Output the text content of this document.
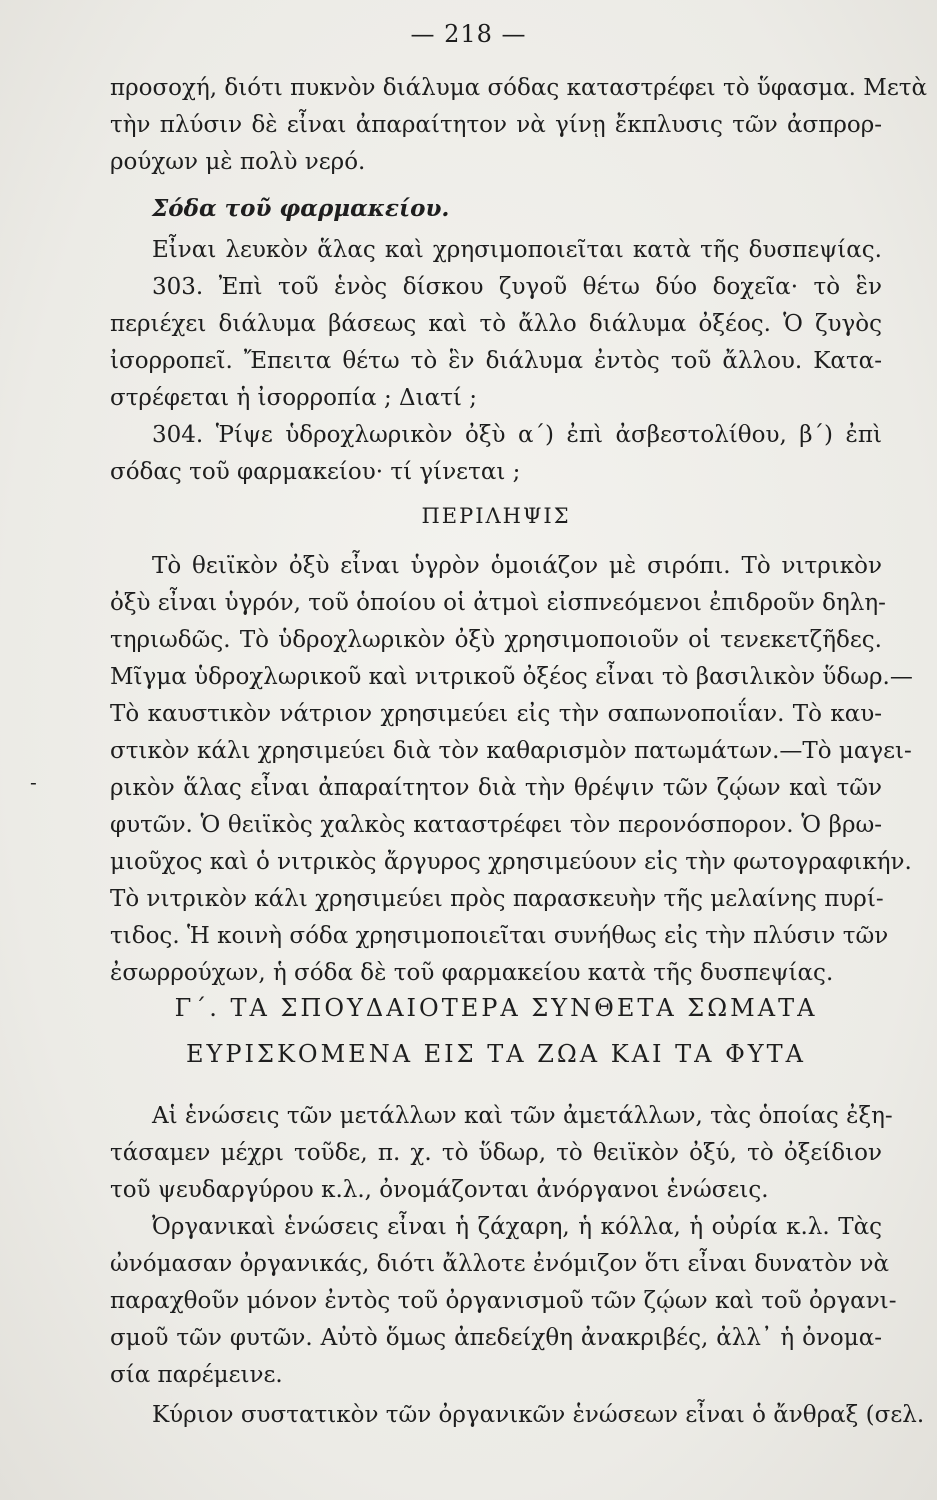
— 218 —
-
προσοχή, διότι πυκνὸν διάλυμα σόδας καταστρέφει τὸ ὕφασμα. Μετὰ
τὴν πλύσιν δὲ εἶναι ἀπαραίτητον νὰ γίνῃ ἔκπλυσις τῶν ἀσπρορ-
ρούχων μὲ πολὺ νερό.
Σόδα τοῦ φαρμακείου.
Εἶναι λευκὸν ἅλας καὶ χρησιμοποιεῖται κατὰ τῆς δυσπεψίας.
303. Ἐπὶ τοῦ ἑνὸς δίσκου ζυγοῦ θέτω δύο δοχεῖα· τὸ ἓν
περιέχει διάλυμα βάσεως καὶ τὸ ἄλλο διάλυμα ὀξέος. Ὁ ζυγὸς
ἰσορροπεῖ. Ἔπειτα θέτω τὸ ἓν διάλυμα ἐντὸς τοῦ ἄλλου. Κατα-
στρέφεται ἡ ἰσορροπία ; Διατί ;
304. Ῥίψε ὑδροχλωρικὸν ὀξὺ α΄) ἐπὶ ἀσβεστολίθου, β΄) ἐπὶ
σόδας τοῦ φαρμακείου· τί γίνεται ;
ΠΕΡΙΛΗΨΙΣ
Τὸ θειϊκὸν ὀξὺ εἶναι ὑγρὸν ὁμοιάζον μὲ σιρόπι. Τὸ νιτρικὸν
ὀξὺ εἶναι ὑγρόν, τοῦ ὁποίου οἱ ἀτμοὶ εἰσπνεόμενοι ἐπιδροῦν δηλη-
τηριωδῶς. Τὸ ὑδροχλωρικὸν ὀξὺ χρησιμοποιοῦν οἱ τενεκετζῆδες.
Μῖγμα ὑδροχλωρικοῦ καὶ νιτρικοῦ ὀξέος εἶναι τὸ βασιλικὸν ὕδωρ.—
Τὸ καυστικὸν νάτριον χρησιμεύει εἰς τὴν σαπωνοποιΐαν. Τὸ καυ-
στικὸν κάλι χρησιμεύει διὰ τὸν καθαρισμὸν πατωμάτων.—Τὸ μαγει-
ρικὸν ἅλας εἶναι ἀπαραίτητον διὰ τὴν θρέψιν τῶν ζῴων καὶ τῶν
φυτῶν. Ὁ θειϊκὸς χαλκὸς καταστρέφει τὸν περονόσπορον. Ὁ βρω-
μιοῦχος καὶ ὁ νιτρικὸς ἄργυρος χρησιμεύουν εἰς τὴν φωτογραφικήν.
Τὸ νιτρικὸν κάλι χρησιμεύει πρὸς παρασκευὴν τῆς μελαίνης πυρί-
τιδος. Ἡ κοινὴ σόδα χρησιμοποιεῖται συνήθως εἰς τὴν πλύσιν τῶν
ἐσωρρούχων, ἡ σόδα δὲ τοῦ φαρμακείου κατὰ τῆς δυσπεψίας.
Γ΄. ΤΑ ΣΠΟΥΔΑΙΟΤΕΡΑ ΣΥΝΘΕΤΑ ΣΩΜΑΤΑ
ΕΥΡΙΣΚΟΜΕΝΑ ΕΙΣ ΤΑ ΖΩΑ ΚΑΙ ΤΑ ΦΥΤΑ
Αἱ ἑνώσεις τῶν μετάλλων καὶ τῶν ἀμετάλλων, τὰς ὁποίας ἐξη-
τάσαμεν μέχρι τοῦδε, π. χ. τὸ ὕδωρ, τὸ θειϊκὸν ὀξύ, τὸ ὀξείδιον
τοῦ ψευδαργύρου κ.λ., ὀνομάζονται ἀνόργανοι ἑνώσεις.
Ὀργανικαὶ ἑνώσεις εἶναι ἡ ζάχαρη, ἡ κόλλα, ἡ οὐρία κ.λ. Τὰς
ὠνόμασαν ὀργανικάς, διότι ἄλλοτε ἐνόμιζον ὅτι εἶναι δυνατὸν νὰ
παραχθοῦν μόνον ἐντὸς τοῦ ὀργανισμοῦ τῶν ζῴων καὶ τοῦ ὀργανι-
σμοῦ τῶν φυτῶν. Αὐτὸ ὅμως ἀπεδείχθη ἀνακριβές, ἀλλ᾽ ἡ ὀνομα-
σία παρέμεινε.
Κύριον συστατικὸν τῶν ὀργανικῶν ἑνώσεων εἶναι ὁ ἄνθραξ (σελ.
